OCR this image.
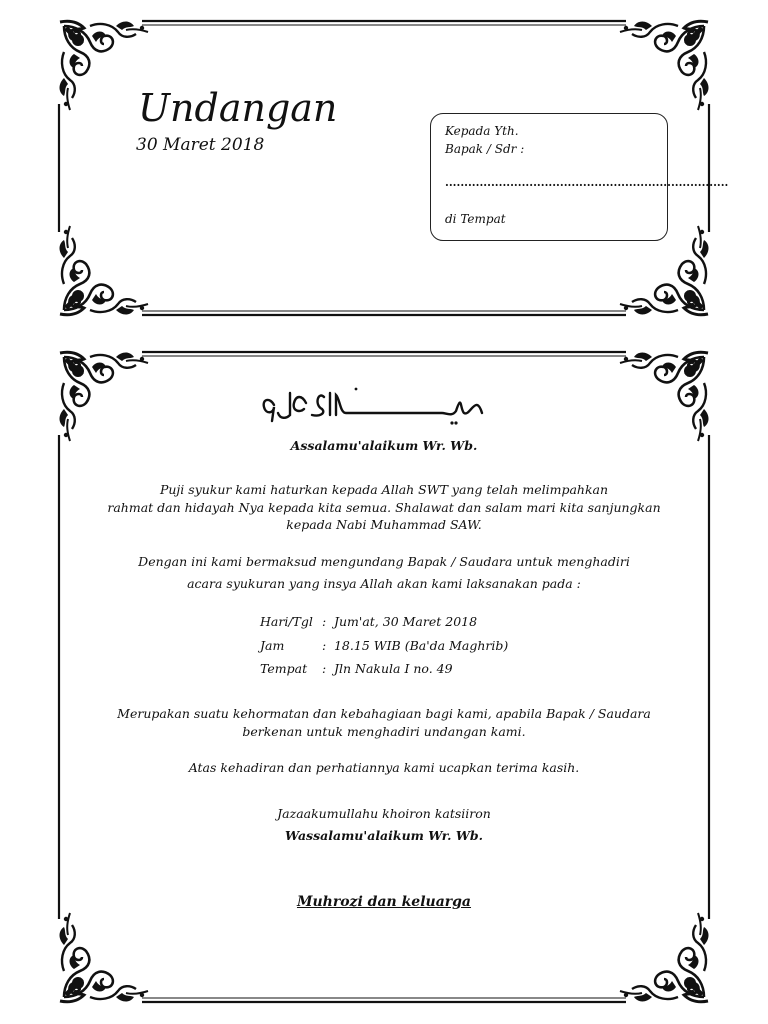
Undangan
30 Maret 2018
Kepada Yth.
Bapak / Sdr :
..........................................................................
di Tempat
Assalamu'alaikum Wr. Wb.
Puji syukur kami haturkan kepada Allah SWT yang telah melimpahkan
rahmat dan hidayah Nya kepada kita semua. Shalawat dan salam mari kita sanjungkan
kepada Nabi Muhammad SAW.
Dengan ini kami bermaksud mengundang Bapak / Saudara untuk menghadiri
acara syukuran yang insya Allah akan kami laksanakan pada :
Hari/Tgl : Jum'at, 30 Maret 2018
Jam	: 18.15 WIB (Ba'da Maghrib)
Tempat : Jln Nakula I no. 49
Merupakan suatu kehormatan dan kebahagiaan bagi kami, apabila Bapak / Saudara
berkenan untuk menghadiri undangan kami.
Atas kehadiran dan perhatiannya kami ucapkan terima kasih.
Jazaakumullahu khoiron katsiiron
Wassalamu'alaikum Wr. Wb.
Muhrozi dan keluarga
